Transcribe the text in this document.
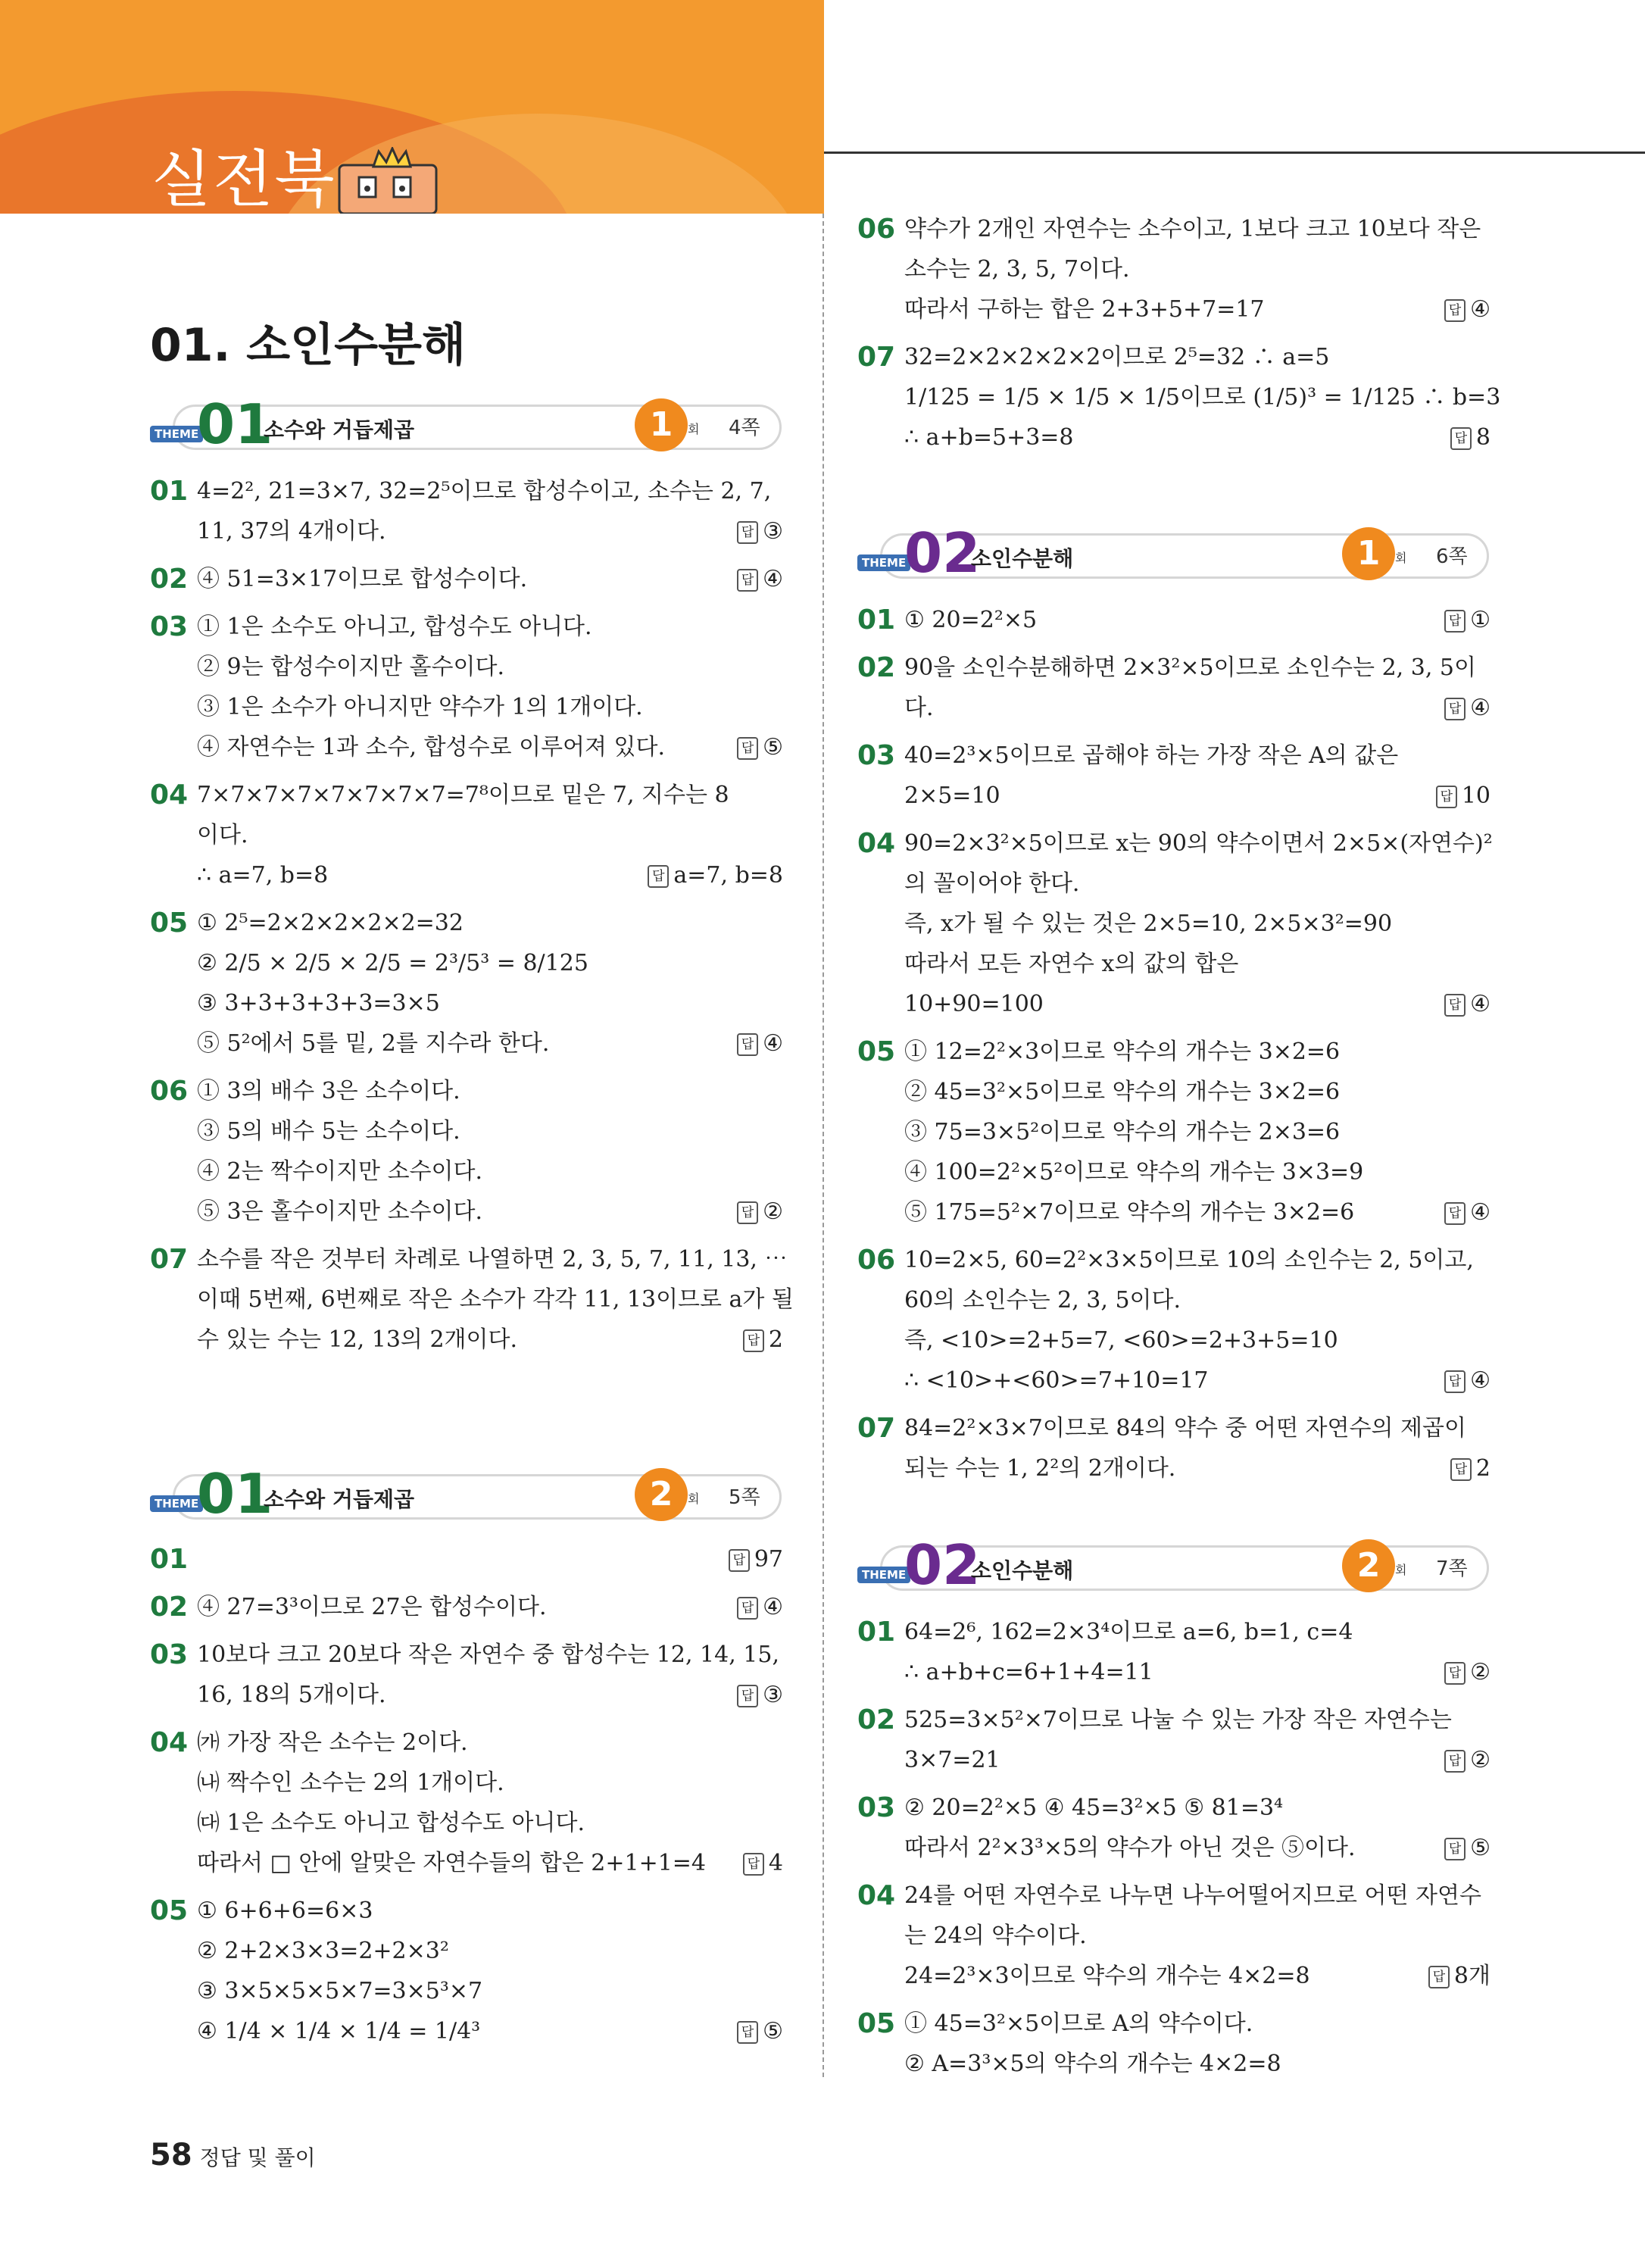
실전북
01. 소인수분해
THEME
01
소수와 거듭제곱	1	회 4쪽
THEME
01
소수와 거듭제곱	2	회 5쪽
THEME
02
소인수분해	1	회 6쪽
THEME
02
소인수분해	2	회 7쪽
01 4=2², 21=3×7, 32=2⁵이므로 합성수이고, 소수는 2, 7,
11, 37의 4개이다.	답 ③
02 ④ 51=3×17이므로 합성수이다.	답 ④
03 ① 1은 소수도 아니고, 합성수도 아니다.
② 9는 합성수이지만 홀수이다.
③ 1은 소수가 아니지만 약수가 1의 1개이다.
④ 자연수는 1과 소수, 합성수로 이루어져 있다.	답 ⑤
04 7×7×7×7×7×7×7×7=7⁸이므로 밑은 7, 지수는 8
이다.
∴ a=7, b=8	답 a=7, b=8
05 ① 2⁵=2×2×2×2×2=32
② 2/5 × 2/5 × 2/5 = 2³/5³ = 8/125
③ 3+3+3+3+3=3×5
⑤ 5²에서 5를 밑, 2를 지수라 한다.	답 ④
06 ① 3의 배수 3은 소수이다.
③ 5의 배수 5는 소수이다.
④ 2는 짝수이지만 소수이다.
⑤ 3은 홀수이지만 소수이다.	답 ②
07 소수를 작은 것부터 차례로 나열하면 2, 3, 5, 7, 11, 13, ⋯
이때 5번째, 6번째로 작은 소수가 각각 11, 13이므로 a가 될
수 있는 수는 12, 13의 2개이다.	답 2
01	답 97
02 ④ 27=3³이므로 27은 합성수이다.	답 ④
03 10보다 크고 20보다 작은 자연수 중 합성수는 12, 14, 15,
16, 18의 5개이다.	답 ③
04 ㈎ 가장 작은 소수는 2이다.
㈏ 짝수인 소수는 2의 1개이다.
㈐ 1은 소수도 아니고 합성수도 아니다.
따라서 □ 안에 알맞은 자연수들의 합은 2+1+1=4	답 4
05 ① 6+6+6=6×3
② 2+2×3×3=2+2×3²
③ 3×5×5×5×7=3×5³×7
④ 1/4 × 1/4 × 1/4 = 1/4³	답 ⑤
06 약수가 2개인 자연수는 소수이고, 1보다 크고 10보다 작은
소수는 2, 3, 5, 7이다.
따라서 구하는 합은 2+3+5+7=17	답 ④
07 32=2×2×2×2×2이므로 2⁵=32 ∴ a=5
1/125 = 1/5 × 1/5 × 1/5이므로 (1/5)³ = 1/125 ∴ b=3
∴ a+b=5+3=8	답 8
01 ① 20=2²×5	답 ①
02 90을 소인수분해하면 2×3²×5이므로 소인수는 2, 3, 5이
다.	답 ④
03 40=2³×5이므로 곱해야 하는 가장 작은 A의 값은
2×5=10	답 10
04 90=2×3²×5이므로 x는 90의 약수이면서 2×5×(자연수)²
의 꼴이어야 한다.
즉, x가 될 수 있는 것은 2×5=10, 2×5×3²=90
따라서 모든 자연수 x의 값의 합은
10+90=100	답 ④
05 ① 12=2²×3이므로 약수의 개수는 3×2=6
② 45=3²×5이므로 약수의 개수는 3×2=6
③ 75=3×5²이므로 약수의 개수는 2×3=6
④ 100=2²×5²이므로 약수의 개수는 3×3=9
⑤ 175=5²×7이므로 약수의 개수는 3×2=6	답 ④
06 10=2×5, 60=2²×3×5이므로 10의 소인수는 2, 5이고,
60의 소인수는 2, 3, 5이다.
즉, <10>=2+5=7, <60>=2+3+5=10
∴ <10>+<60>=7+10=17	답 ④
07 84=2²×3×7이므로 84의 약수 중 어떤 자연수의 제곱이
되는 수는 1, 2²의 2개이다.	답 2
01 64=2⁶, 162=2×3⁴이므로 a=6, b=1, c=4
∴ a+b+c=6+1+4=11	답 ②
02 525=3×5²×7이므로 나눌 수 있는 가장 작은 자연수는
3×7=21	답 ②
03 ② 20=2²×5 ④ 45=3²×5 ⑤ 81=3⁴
따라서 2²×3³×5의 약수가 아닌 것은 ⑤이다.	답 ⑤
04 24를 어떤 자연수로 나누면 나누어떨어지므로 어떤 자연수
는 24의 약수이다.
24=2³×3이므로 약수의 개수는 4×2=8	답 8개
05 ① 45=3²×5이므로 A의 약수이다.
② A=3³×5의 약수의 개수는 4×2=8
58 정답 및 풀이
